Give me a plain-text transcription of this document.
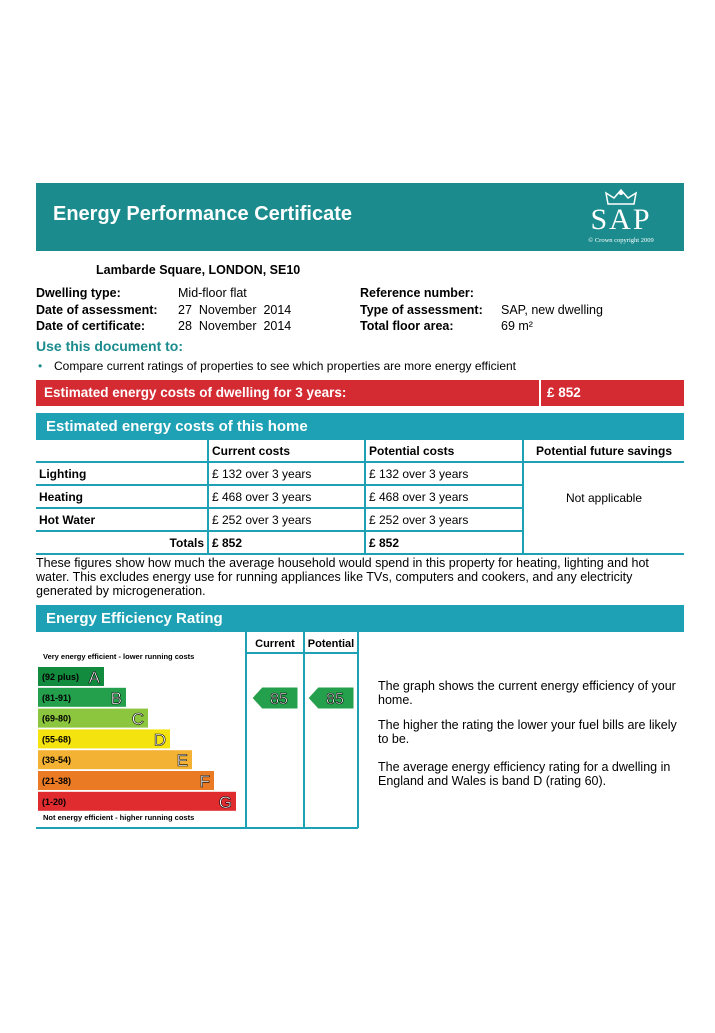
Energy Performance Certificate	SAP
© Crown copyright 2009
Lambarde Square, LONDON, SE10
Dwelling type:	Mid-floor flat
Date of assessment: 27  November  2014
Date of certificate:	28  November  2014
Reference number:
Type of assessment: SAP, new dwelling
Total floor area:	69 m²
Use this document to:
• Compare current ratings of properties to see which properties are more energy efficient
Estimated energy costs of dwelling for 3 years:	£ 852
Estimated energy costs of this home
	Current costs	Potential costs	Potential future savings
Lighting	£ 132 over 3 years	£ 132 over 3 years	Not applicable
Heating	£ 468 over 3 years	£ 468 over 3 years	
Hot Water	£ 252 over 3 years	£ 252 over 3 years	
Totals	£ 852	£ 852	
These figures show how much the average household would spend in this property for heating, lighting and hot water. This excludes energy use for running appliances like TVs, computers and cookers, and any electricity generated by microgeneration.
Energy Efficiency Rating
Current Potential
Very energy efficient - lower running costs
Not energy efficient - higher running costs
(92 plus) A
(81-91) B
(69-80)	C
(55-68)	D
(39-54)	E
(21-38)	F
(1-20)	G
85 85
The graph shows the current energy efficiency of your home.
The higher the rating the lower your fuel bills are likely to be.
The average energy efficiency rating for a dwelling in England and Wales is band D (rating 60).
